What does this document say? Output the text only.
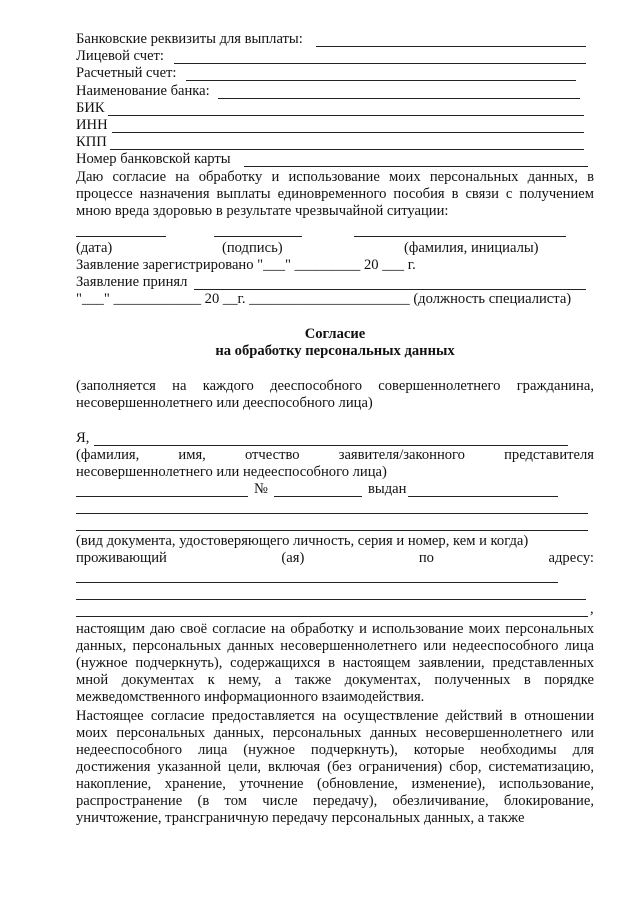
Банковские реквизиты для выплаты:
Лицевой счет:
Расчетный счет:
Наименование банка:
БИК
ИНН
КПП
Номер банковской карты
Даю согласие на обработку и использование моих персональных данных, в процессе назначения выплаты единовременного пособия в связи с получением мною вреда здоровью в результате чрезвычайной ситуации:
(дата)	(подпись)	(фамилия, инициалы)
Заявление зарегистрировано "___" _________ 20 ___ г.
Заявление принял
"___" ____________ 20 __г. ______________________ (должность специалиста)
Согласие
на обработку персональных данных
(заполняется на каждого дееспособного совершеннолетнего гражданина, несовершеннолетнего или дееспособного лица)
Я,
(фамилия,	имя,	отчество	заявителя/законного	представителя
несовершеннолетнего или недееспособного лица)
№	выдан
(вид документа, удостоверяющего личность, серия и номер, кем и когда)
проживающий	(ая)	по	адресу:
,
настоящим даю своё согласие на обработку и использование моих персональных данных, персональных данных несовершеннолетнего или недееспособного лица (нужное подчеркнуть), содержащихся в настоящем заявлении, представленных мной документах к нему, а также документах, полученных в порядке межведомственного информационного взаимодействия.
Настоящее согласие предоставляется на осуществление действий в отношении моих персональных данных, персональных данных несовершеннолетнего или недееспособного лица (нужное подчеркнуть), которые необходимы для достижения указанной цели, включая (без ограничения) сбор, систематизацию, накопление, хранение, уточнение (обновление, изменение), использование, распространение (в том числе передачу), обезличивание, блокирование, уничтожение, трансграничную передачу персональных данных, а также
